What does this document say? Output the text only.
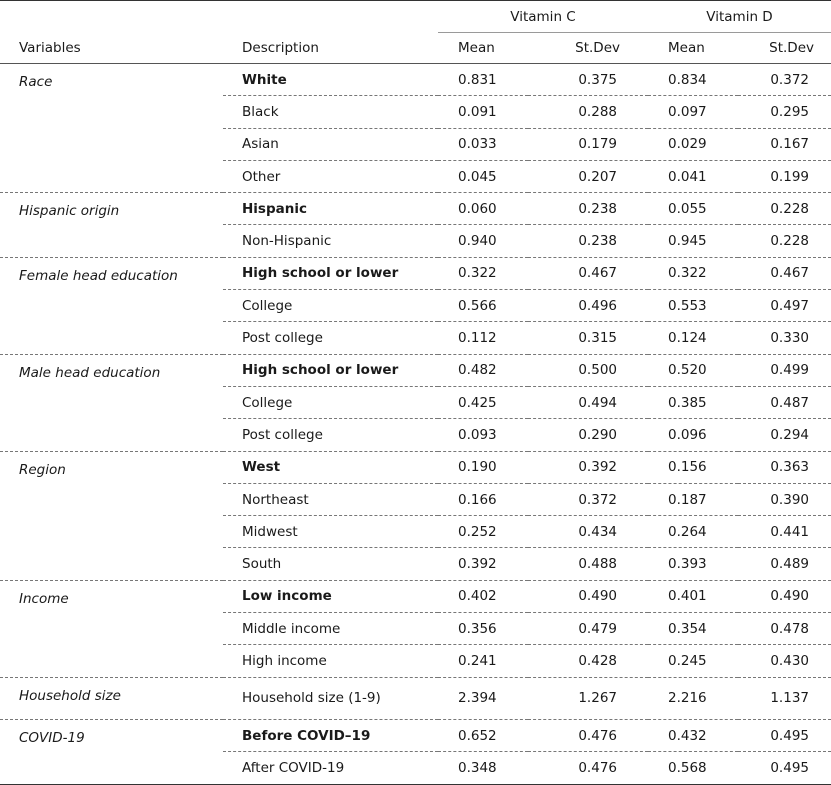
		Vitamin C		Vitamin D	
Variables	Description	Mean	St.Dev	Mean	St.Dev
Race	White	0.831	0.375	0.834	0.372
	Black	0.091	0.288	0.097	0.295
	Asian	0.033	0.179	0.029	0.167
	Other	0.045	0.207	0.041	0.199
Hispanic origin	Hispanic	0.060	0.238	0.055	0.228
	Non-Hispanic	0.940	0.238	0.945	0.228
Female head education	High school or lower	0.322	0.467	0.322	0.467
	College	0.566	0.496	0.553	0.497
	Post college	0.112	0.315	0.124	0.330
Male head education	High school or lower	0.482	0.500	0.520	0.499
	College	0.425	0.494	0.385	0.487
	Post college	0.093	0.290	0.096	0.294
Region	West	0.190	0.392	0.156	0.363
	Northeast	0.166	0.372	0.187	0.390
	Midwest	0.252	0.434	0.264	0.441
	South	0.392	0.488	0.393	0.489
Income	Low income	0.402	0.490	0.401	0.490
	Middle income	0.356	0.479	0.354	0.478
	High income	0.241	0.428	0.245	0.430
Household size	Household size (1-9)	2.394	1.267	2.216	1.137
COVID-19	Before COVID–19	0.652	0.476	0.432	0.495
	After COVID-19	0.348	0.476	0.568	0.495
